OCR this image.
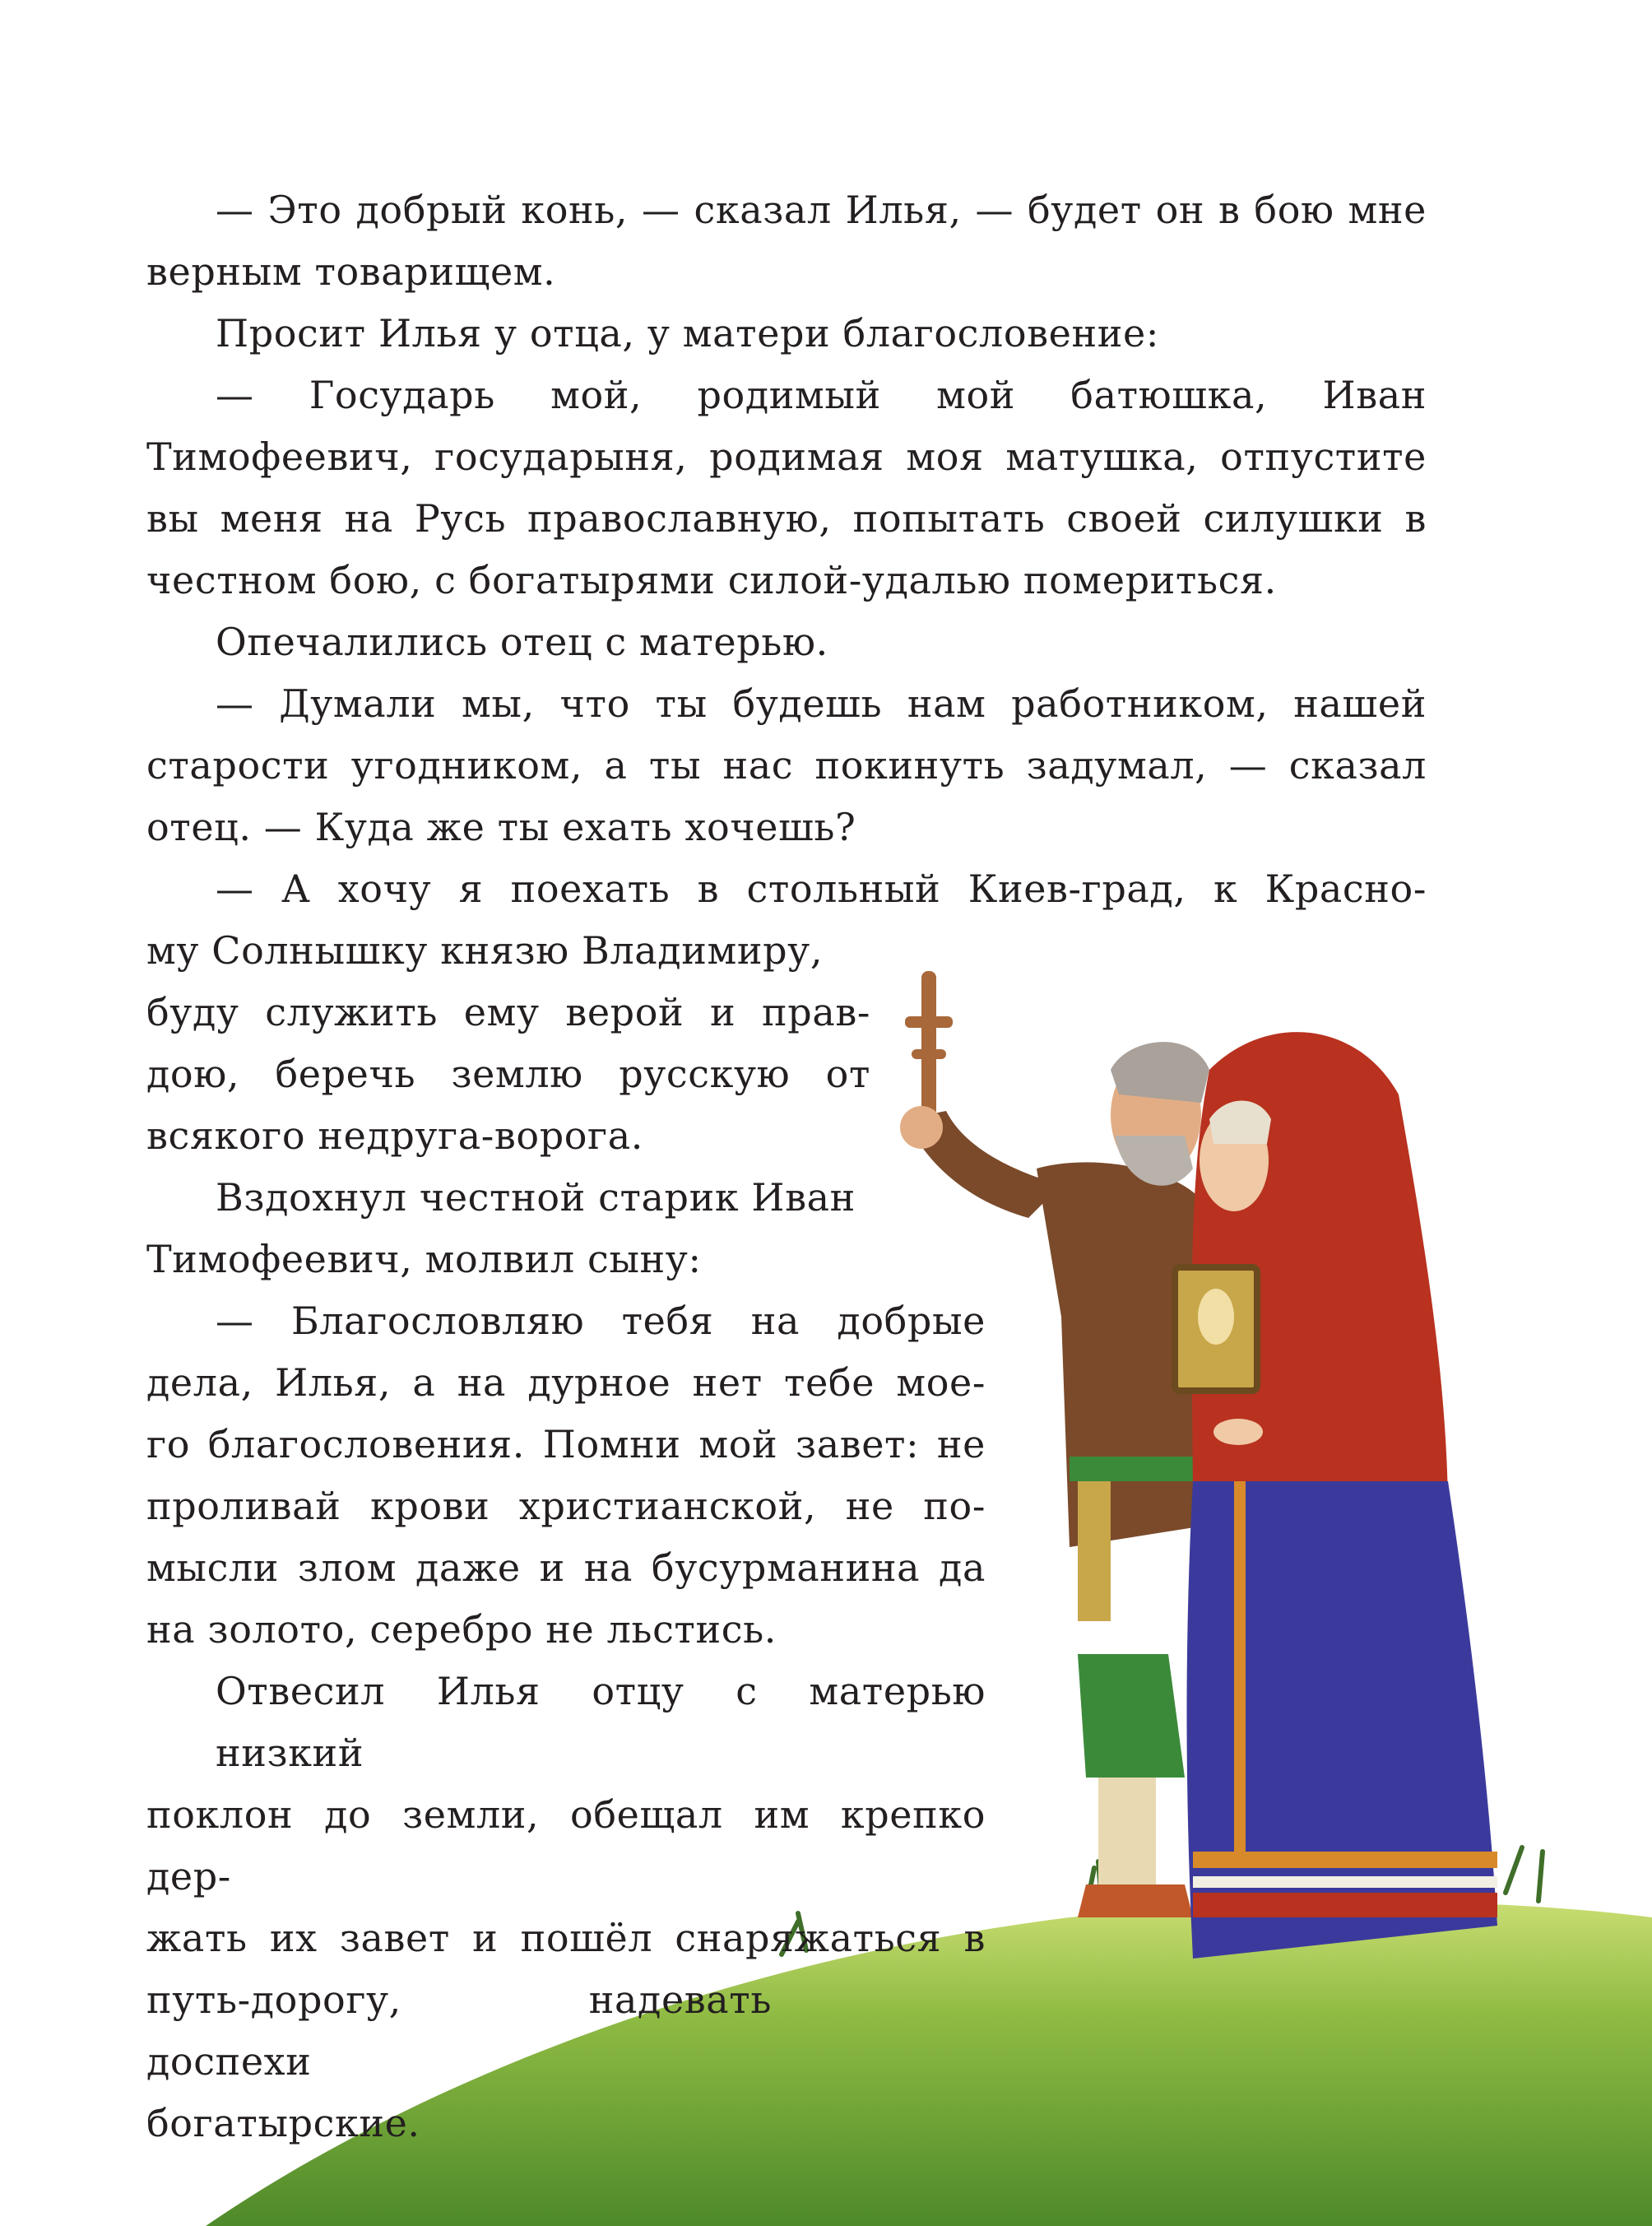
— Это добрый конь, — сказал Илья, — будет он в бою мне верным товарищем.

Просит Илья у отца, у матери благословение:

— Государь мой, родимый мой батюшка, Иван Тимофеевич, государыня, родимая моя матушка, отпустите вы меня на Русь православную, попытать своей силушки в честном бою, с богатырями силой-удалью помериться.

Опечалились отец с матерью.

— Думали мы, что ты будешь нам работником, нашей старости угодником, а ты нас покинуть задумал, — сказал отец. — Куда же ты ехать хочешь?

— А хочу я поехать в стольный Киев-град, к Красно-

му Солнышку князю Владимиру,
буду служить ему верой и прав-
дою, беречь землю русскую от
всякого недруга-ворога.
Вздохнул честной старик Иван
Тимофеевич, молвил сыну:
— Благословляю тебя на добрые
дела, Илья, а на дурное нет тебе мое-
го благословения. Помни мой завет: не
проливай крови христианской, не по-
мысли злом даже и на бусурманина да
на золото, серебро не льстись.
Отвесил Илья отцу с матерью низкий
поклон до земли, обещал им крепко дер-
жать их завет и пошёл снаряжаться в
путь-дорогу, надевать доспехи
богатырские.
